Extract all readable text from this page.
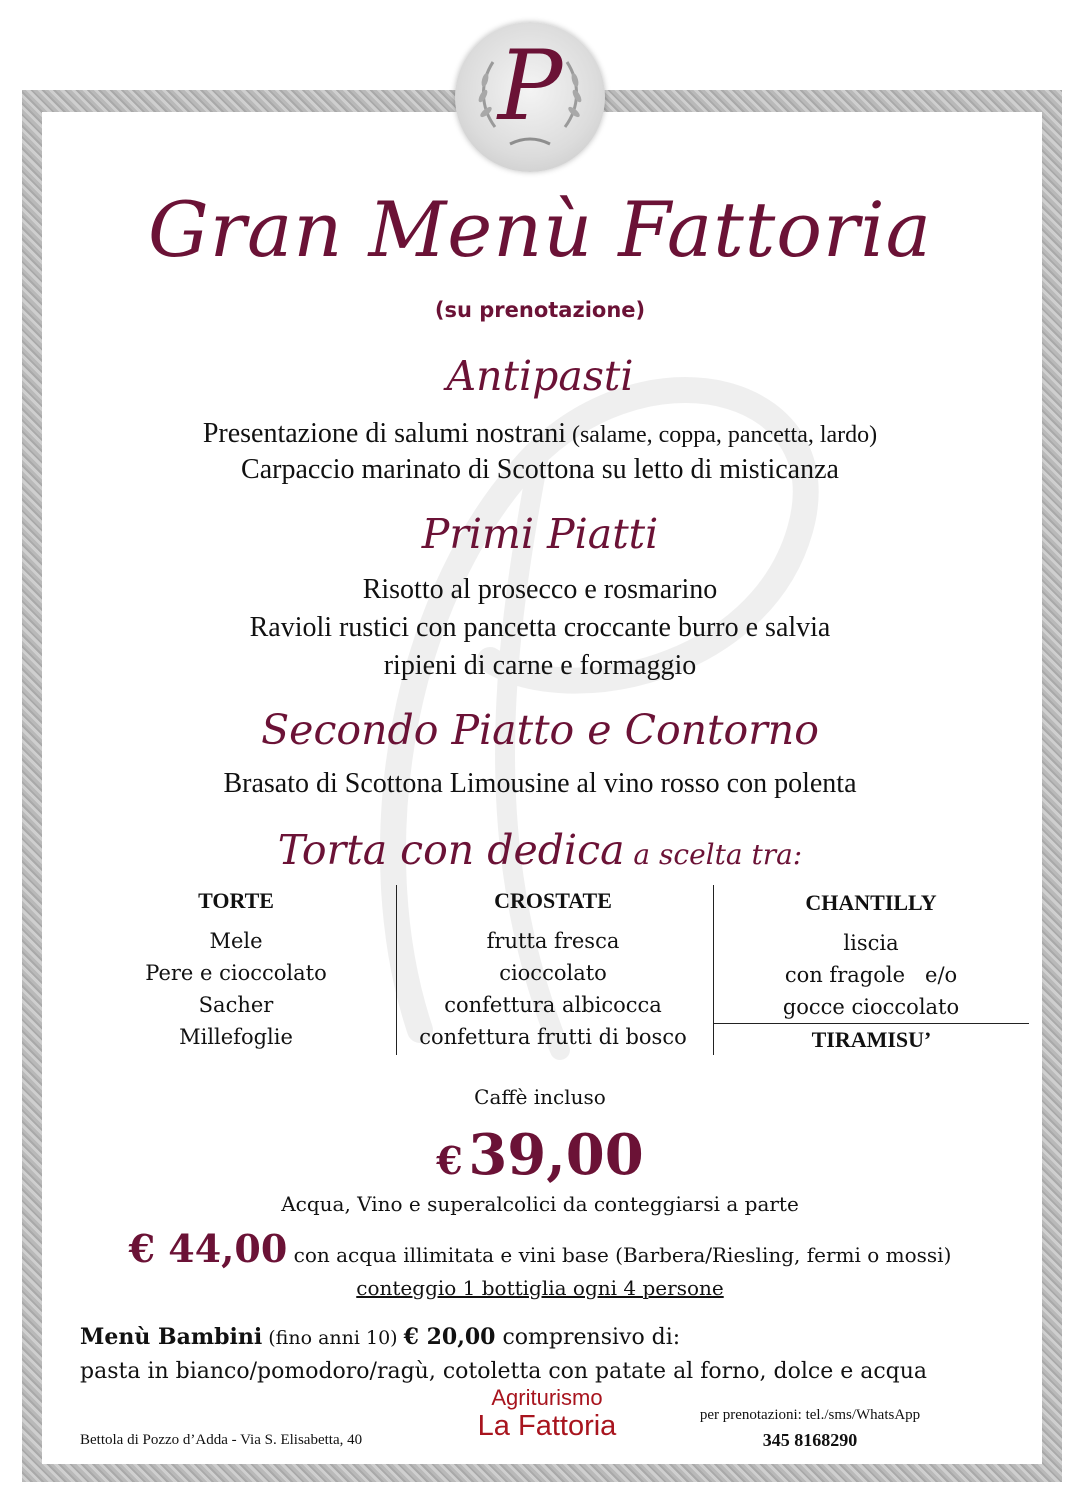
P
Gran Menù Fattoria
(su prenotazione)
Antipasti
Presentazione di salumi nostrani (salame, coppa, pancetta, lardo)
Carpaccio marinato di Scottona su letto di misticanza
Primi Piatti
Risotto al prosecco e rosmarino
Ravioli rustici con pancetta croccante burro e salvia
ripieni di carne e formaggio
Secondo Piatto e Contorno
Brasato di Scottona Limousine al vino rosso con polenta
Torta con dedica a scelta tra:
TORTE
Mele
Pere e cioccolato
Sacher
Millefoglie
CROSTATE
frutta fresca
cioccolato
confettura albicocca
confettura frutti di bosco
CHANTILLY
liscia
con fragole   e/o
gocce cioccolato
TIRAMISU’
Caffè incluso
€ 39,00
Acqua, Vino e superalcolici da conteggiarsi a parte
€ 44,00 con acqua illimitata e vini base (Barbera/Riesling, fermi o mossi)
conteggio 1 bottiglia ogni 4 persone
Menù Bambini (fino anni 10) € 20,00 comprensivo di:
pasta in bianco/pomodoro/ragù, cotoletta con patate al forno, dolce e acqua
Bettola di Pozzo d’Adda - Via S. Elisabetta, 40
Agriturismo
La Fattoria	per prenotazioni: tel./sms/WhatsApp
345 8168290
